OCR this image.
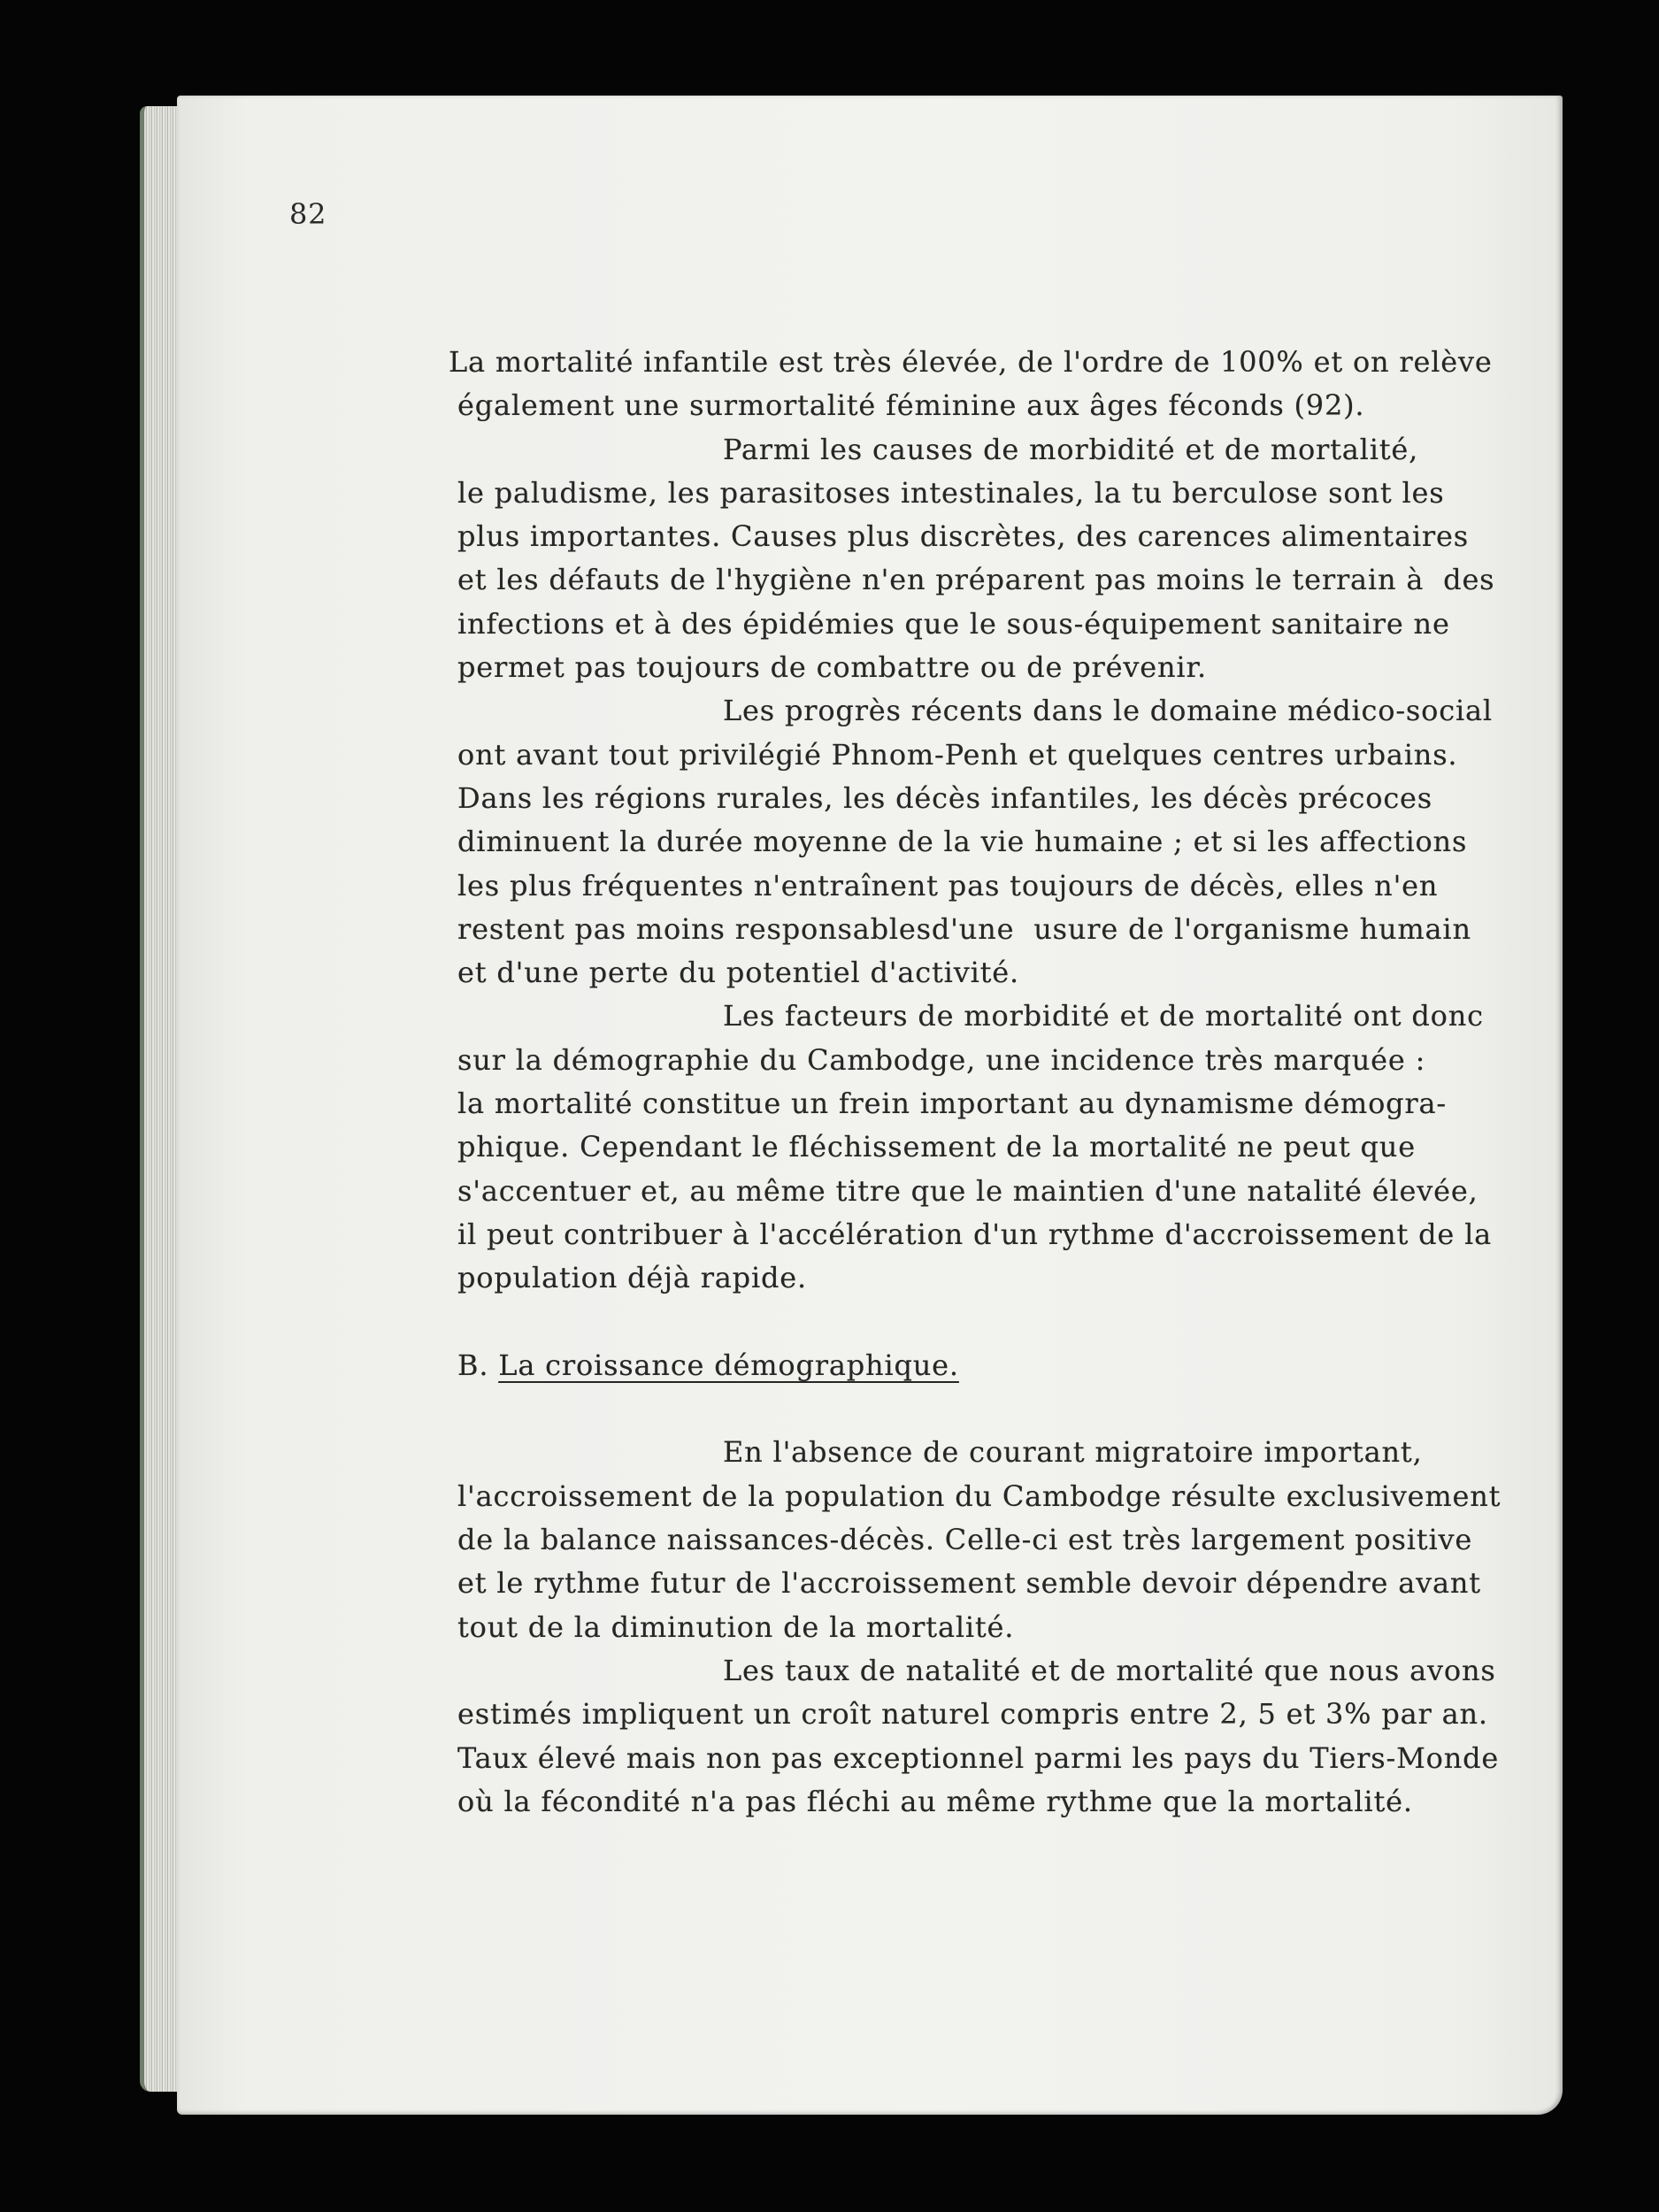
82
La mortalité infantile est très élevée, de l'ordre de 100% et on relève
également une surmortalité féminine aux âges féconds (92).
Parmi les causes de morbidité et de mortalité,
le paludisme, les parasitoses intestinales, la tu berculose sont les
plus importantes. Causes plus discrètes, des carences alimentaires
et les défauts de l'hygiène n'en préparent pas moins le terrain à  des
infections et à des épidémies que le sous-équipement sanitaire ne
permet pas toujours de combattre ou de prévenir.
Les progrès récents dans le domaine médico-social
ont avant tout privilégié Phnom-Penh et quelques centres urbains.
Dans les régions rurales, les décès infantiles, les décès précoces
diminuent la durée moyenne de la vie humaine ; et si les affections
les plus fréquentes n'entraînent pas toujours de décès, elles n'en
restent pas moins responsablesd'une  usure de l'organisme humain
et d'une perte du potentiel d'activité.
Les facteurs de morbidité et de mortalité ont donc
sur la démographie du Cambodge, une incidence très marquée :
la mortalité constitue un frein important au dynamisme démogra-
phique. Cependant le fléchissement de la mortalité ne peut que
s'accentuer et, au même titre que le maintien d'une natalité élevée,
il peut contribuer à l'accélération d'un rythme d'accroissement de la
population déjà rapide.
B. La croissance démographique.
En l'absence de courant migratoire important,
l'accroissement de la population du Cambodge résulte exclusivement
de la balance naissances-décès. Celle-ci est très largement positive
et le rythme futur de l'accroissement semble devoir dépendre avant
tout de la diminution de la mortalité.
Les taux de natalité et de mortalité que nous avons
estimés impliquent un croît naturel compris entre 2, 5 et 3% par an.
Taux élevé mais non pas exceptionnel parmi les pays du Tiers-Monde
où la fécondité n'a pas fléchi au même rythme que la mortalité.
